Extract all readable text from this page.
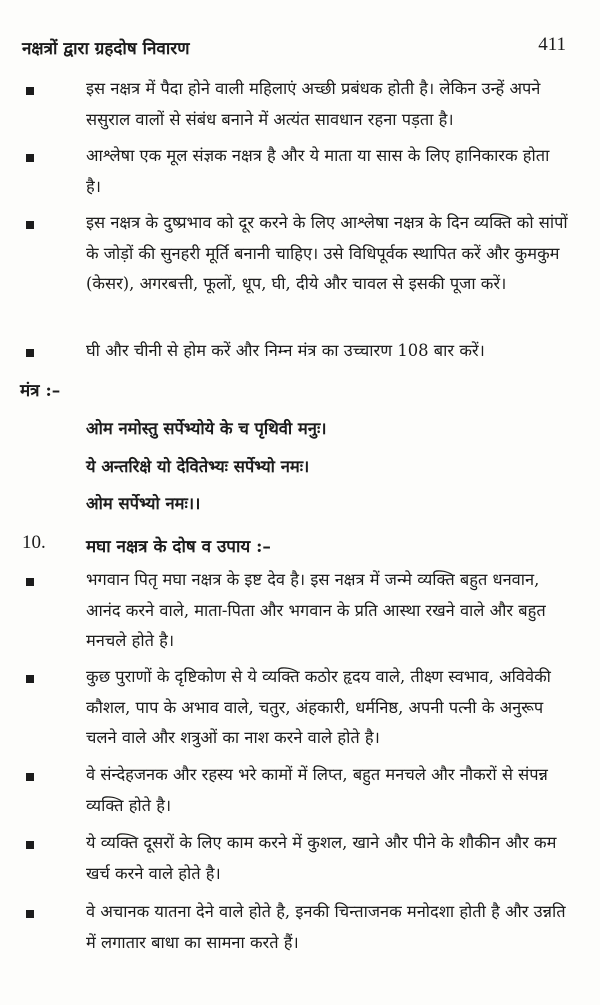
नक्षत्रों द्वारा ग्रहदोष निवारण	411
इस नक्षत्र में पैदा होने वाली महिलाएं अच्छी प्रबंधक होती है। लेकिन उन्हें अपने ससुराल वालों से संबंध बनाने में अत्यंत सावधान रहना पड़ता है।
आश्लेषा एक मूल संज्ञक नक्षत्र है और ये माता या सास के लिए हानिकारक होता है।
इस नक्षत्र के दुष्प्रभाव को दूर करने के लिए आश्लेषा नक्षत्र के दिन व्यक्ति को सांपों के जोड़ों की सुनहरी मूर्ति बनानी चाहिए। उसे विधिपूर्वक स्थापित करें और कुमकुम (केसर), अगरबत्ती, फूलों, धूप, घी, दीये और चावल से इसकी पूजा करें।
घी और चीनी से होम करें और निम्न मंत्र का उच्चारण 108 बार करें।
मंत्र :–
ओम नमोस्तु सर्पेभ्योये के च पृथिवी मनुः।
ये अन्तरिक्षे यो देवितेभ्यः सर्पेभ्यो नमः।
ओम सर्पेभ्यो नमः।।
10. मघा नक्षत्र के दोष व उपाय :–
भगवान पितृ मघा नक्षत्र के इष्ट देव है। इस नक्षत्र में जन्मे व्यक्ति बहुत धनवान, आनंद करने वाले, माता-पिता और भगवान के प्रति आस्था रखने वाले और बहुत मनचले होते है।
कुछ पुराणों के दृष्टिकोण से ये व्यक्ति कठोर हृदय वाले, तीक्ष्ण स्वभाव, अविवेकी कौशल, पाप के अभाव वाले, चतुर, अंहकारी, धर्मनिष्ठ, अपनी पत्नी के अनुरूप चलने वाले और शत्रुओं का नाश करने वाले होते है।
वे संन्देहजनक और रहस्य भरे कामों में लिप्त, बहुत मनचले और नौकरों से संपन्न व्यक्ति होते है।
ये व्यक्ति दूसरों के लिए काम करने में कुशल, खाने और पीने के शौकीन और कम खर्च करने वाले होते है।
वे अचानक यातना देने वाले होते है, इनकी चिन्ताजनक मनोदशा होती है और उन्नति में लगातार बाधा का सामना करते हैं।
